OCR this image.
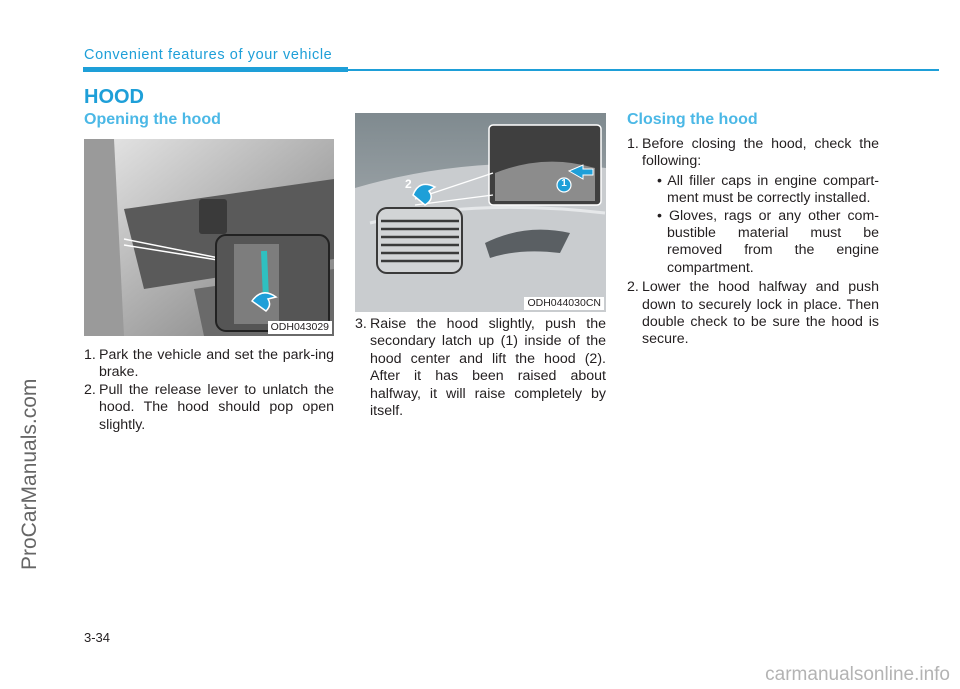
Convenient features of your vehicle
HOOD
Opening the hood
ODH043029
1. Park the vehicle and set the park-ing brake.
2. Pull the release lever to unlatch the hood. The hood should pop open slightly.
1
2
ODH044030CN
3. Raise the hood slightly, push the secondary latch up (1) inside of the hood center and lift the hood (2). After it has been raised about halfway, it will raise completely by itself.
Closing the hood
1. Before closing the hood, check the following:
• All filler caps in engine compart-ment must be correctly installed.
• Gloves, rags or any other com-bustible material must be removed from the engine compartment.
2. Lower the hood halfway and push down to securely lock in place. Then double check to be sure the hood is secure.
3-34
ProCarManuals.com
carmanualsonline.info
